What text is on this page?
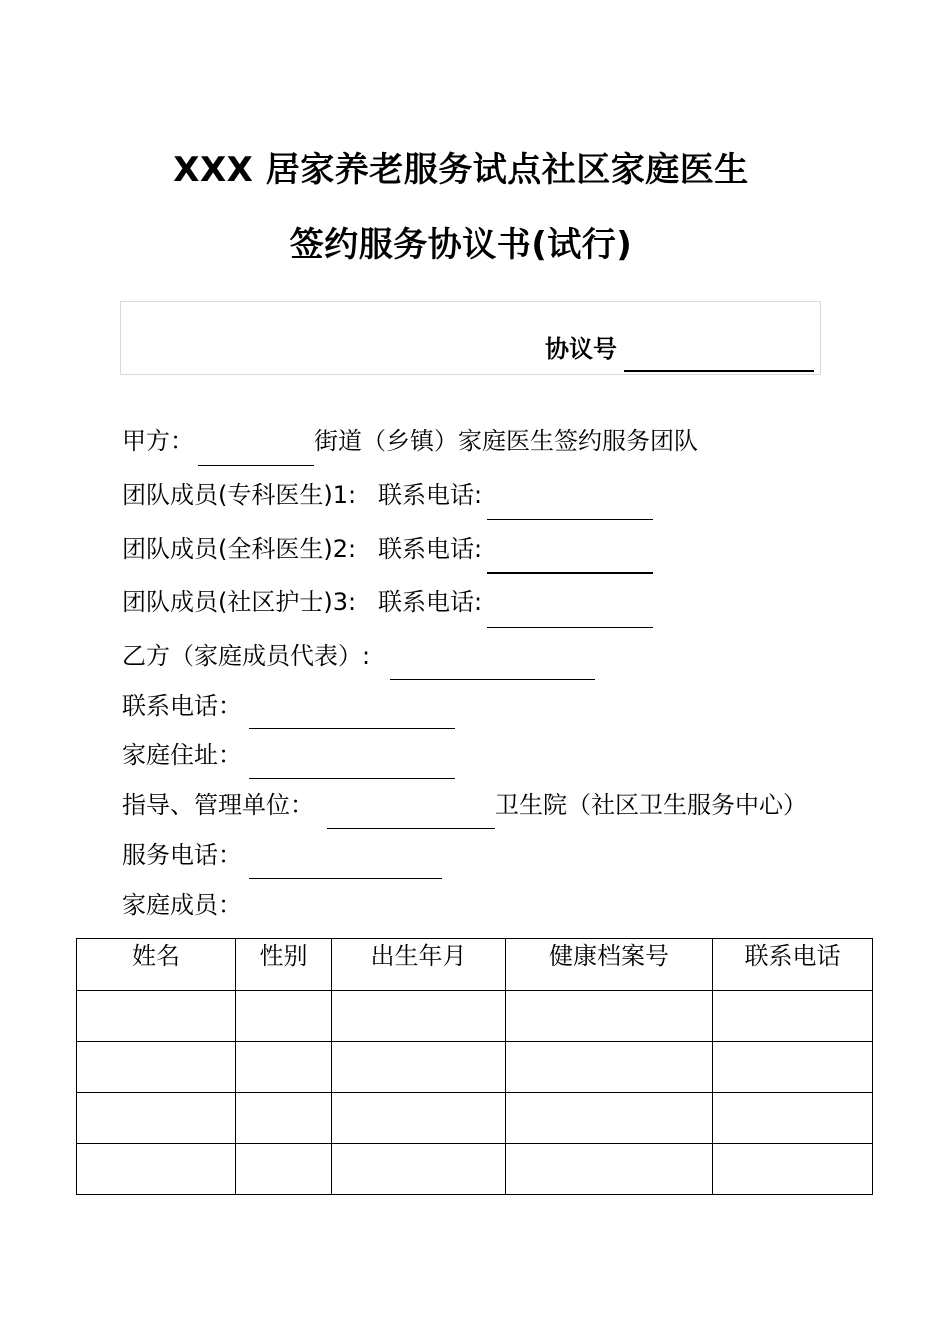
XXX 居家养老服务试点社区家庭医生
签约服务协议书(试行)
协议号
甲方：	街道（乡镇）家庭医生签约服务团队
团队成员(专科医生)1: 联系电话:
团队成员(全科医生)2: 联系电话:
团队成员(社区护士)3: 联系电话:
乙方（家庭成员代表）:
联系电话：
家庭住址：
指导、管理单位：	卫生院（社区卫生服务中心）
服务电话：
家庭成员：
姓名	性别	出生年月	健康档案号	联系电话
